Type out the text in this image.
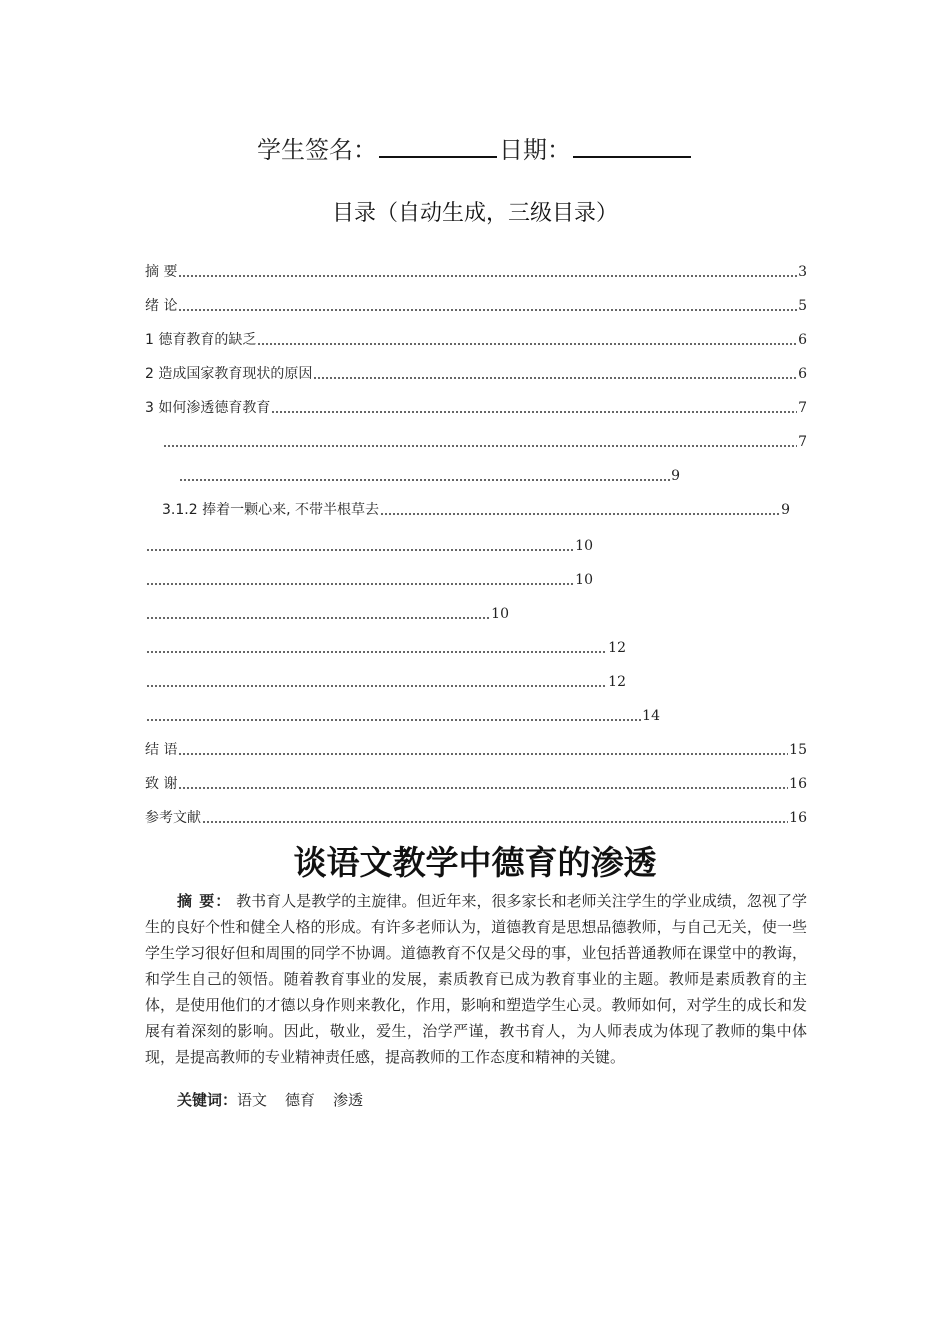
学生签名：	日期：
目录（自动生成，三级目录）
摘 要	3
绪 论	5
1 德育教育的缺乏	6
2 造成国家教育现状的原因	6
3 如何渗透德育教育	7
7
9
3.1.2 捧着一颗心来, 不带半根草去	9
10
10
10
12
12
14
结 语	15
致 谢	16
参考文献	16
谈语文教学中德育的渗透

摘 要： 教书育人是教学的主旋律。但近年来，很多家长和老师关注学生的学业成绩，忽视了学生的良好个性和健全人格的形成。有许多老师认为，道德教育是思想品德教师，与自己无关，使一些学生学习很好但和周围的同学不协调。道德教育不仅是父母的事，业包括普通教师在课堂中的教诲，和学生自己的领悟。随着教育事业的发展，素质教育已成为教育事业的主题。教师是素质教育的主体，是使用他们的才德以身作则来教化，作用，影响和塑造学生心灵。教师如何，对学生的成长和发展有着深刻的影响。因此，敬业，爱生，治学严谨，教书育人，为人师表成为体现了教师的集中体现，是提高教师的专业精神责任感，提高教师的工作态度和精神的关键。

关键词：语文 德育 渗透
